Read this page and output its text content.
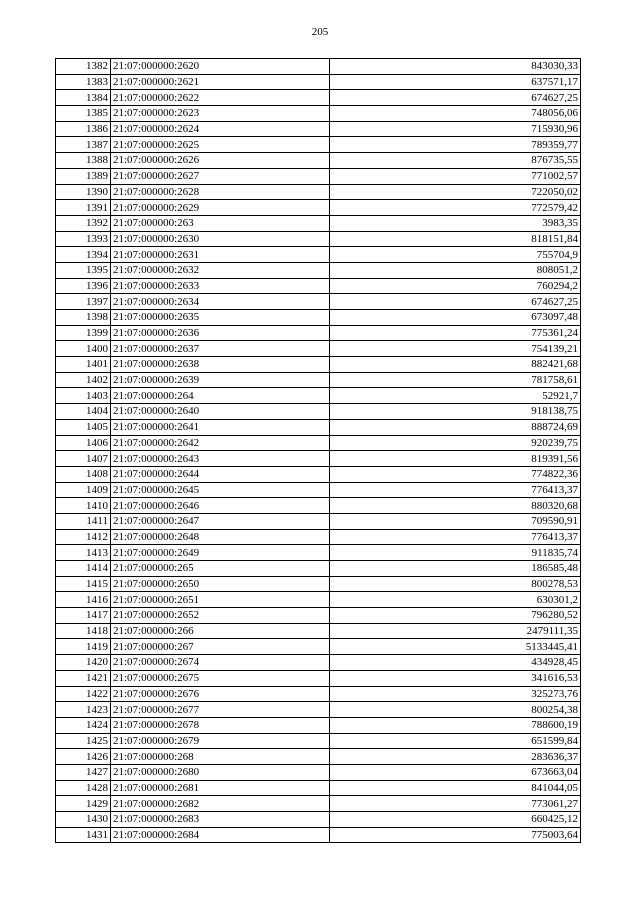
205
1382	21:07:000000:2620	843030,33
1383	21:07:000000:2621	637571,17
1384	21:07:000000:2622	674627,25
1385	21:07:000000:2623	748056,06
1386	21:07:000000:2624	715930,96
1387	21:07:000000:2625	789359,77
1388	21:07:000000:2626	876735,55
1389	21:07:000000:2627	771002,57
1390	21:07:000000:2628	722050,02
1391	21:07:000000:2629	772579,42
1392	21:07:000000:263	3983,35
1393	21:07:000000:2630	818151,84
1394	21:07:000000:2631	755704,9
1395	21:07:000000:2632	808051,2
1396	21:07:000000:2633	760294,2
1397	21:07:000000:2634	674627,25
1398	21:07:000000:2635	673097,48
1399	21:07:000000:2636	775361,24
1400	21:07:000000:2637	754139,21
1401	21:07:000000:2638	882421,68
1402	21:07:000000:2639	781758,61
1403	21:07:000000:264	52921,7
1404	21:07:000000:2640	918138,75
1405	21:07:000000:2641	888724,69
1406	21:07:000000:2642	920239,75
1407	21:07:000000:2643	819391,56
1408	21:07:000000:2644	774822,36
1409	21:07:000000:2645	776413,37
1410	21:07:000000:2646	880320,68
1411	21:07:000000:2647	709590,91
1412	21:07:000000:2648	776413,37
1413	21:07:000000:2649	911835,74
1414	21:07:000000:265	186585,48
1415	21:07:000000:2650	800278,53
1416	21:07:000000:2651	630301,2
1417	21:07:000000:2652	796280,52
1418	21:07:000000:266	2479111,35
1419	21:07:000000:267	5133445,41
1420	21:07:000000:2674	434928,45
1421	21:07:000000:2675	341616,53
1422	21:07:000000:2676	325273,76
1423	21:07:000000:2677	800254,38
1424	21:07:000000:2678	788600,19
1425	21:07:000000:2679	651599,84
1426	21:07:000000:268	283636,37
1427	21:07:000000:2680	673663,04
1428	21:07:000000:2681	841044,05
1429	21:07:000000:2682	773061,27
1430	21:07:000000:2683	660425,12
1431	21:07:000000:2684	775003,64
